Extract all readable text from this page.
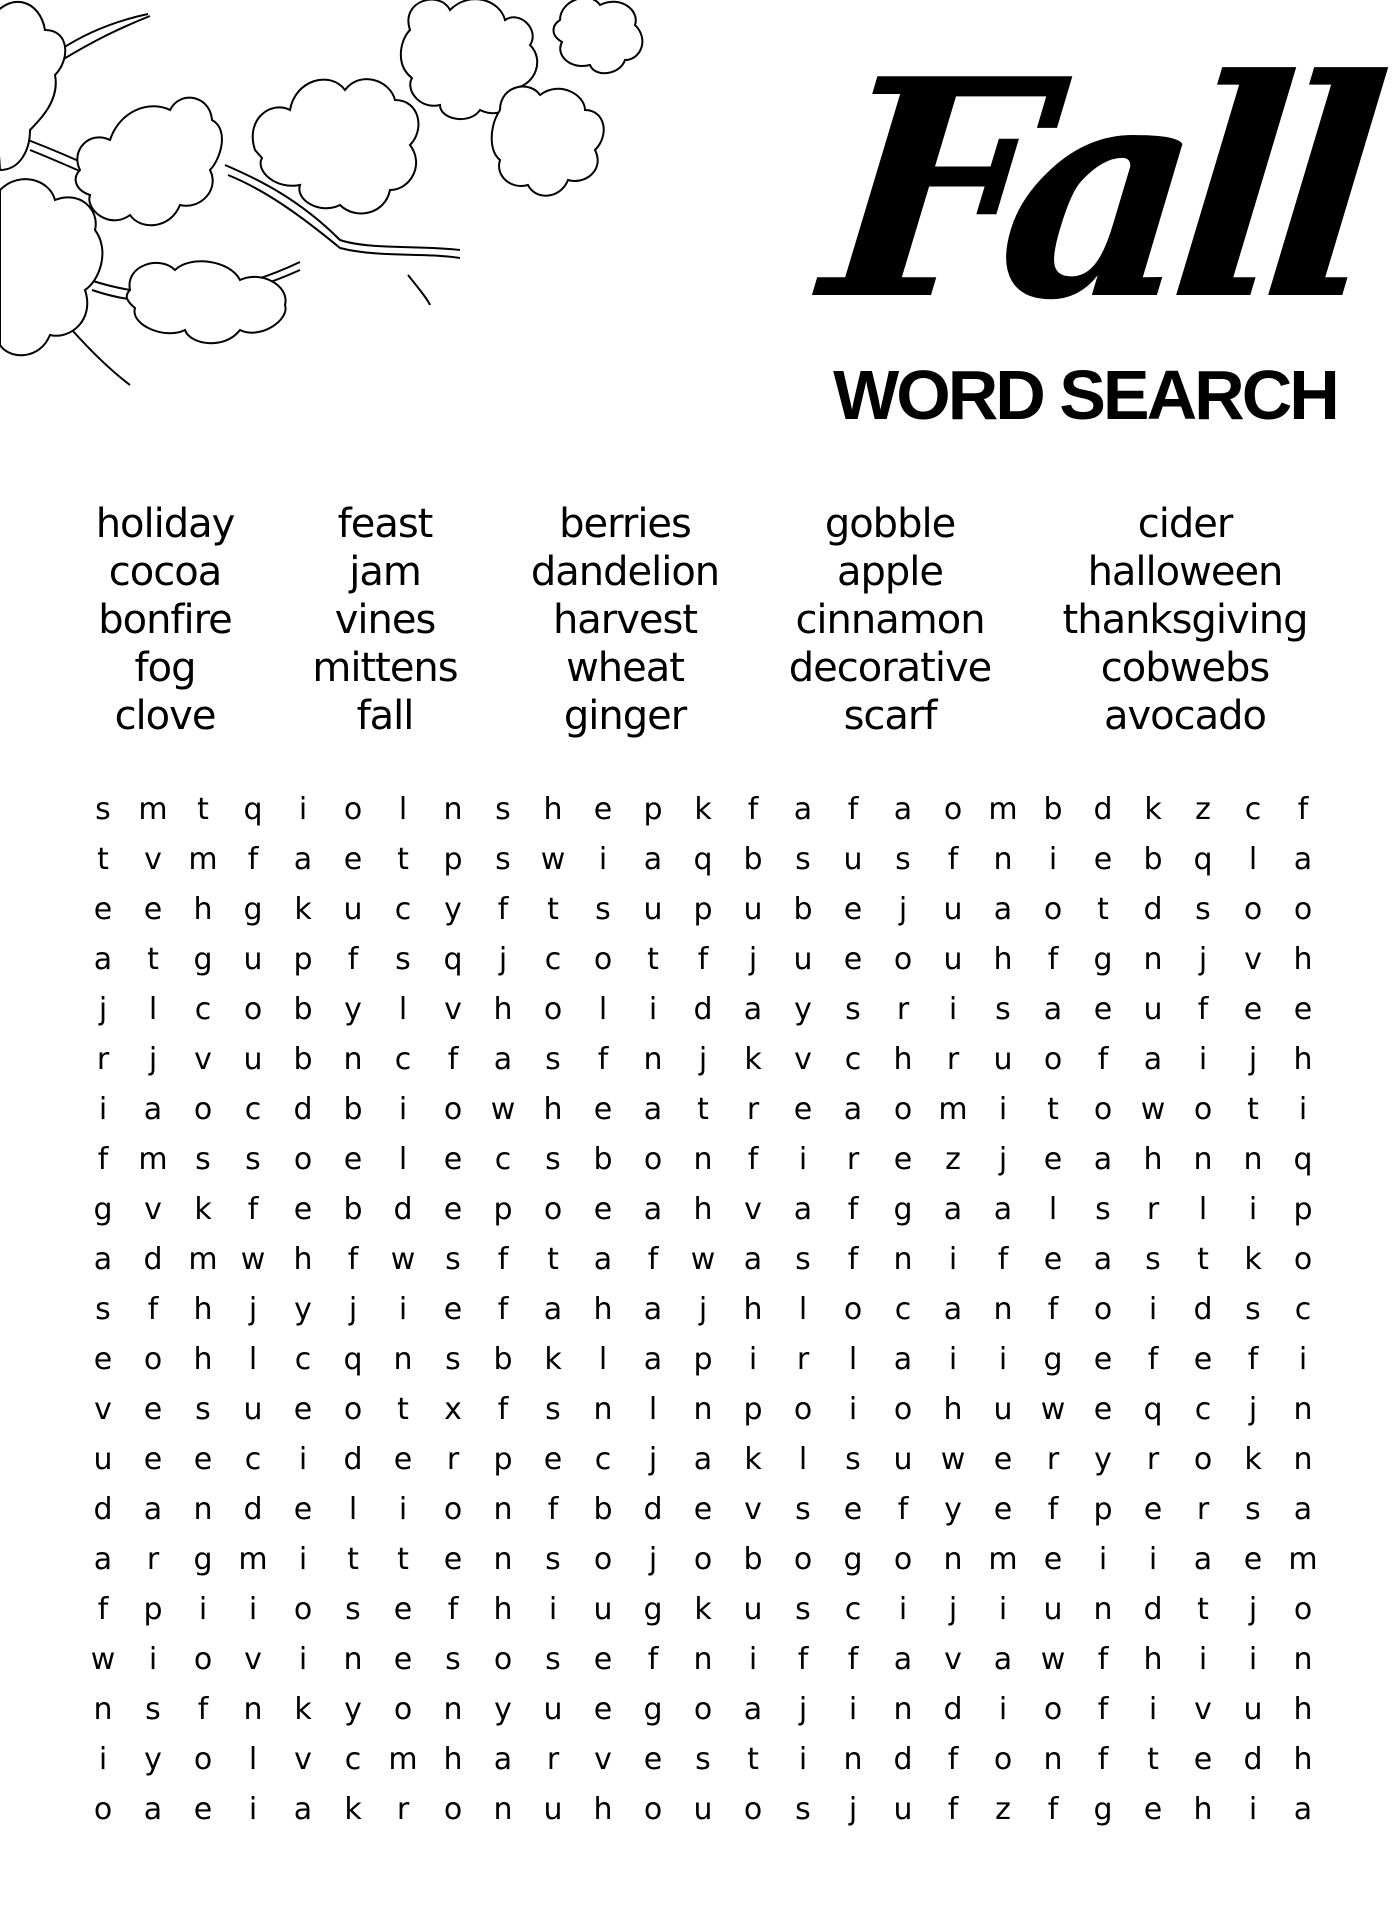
Fall
WORD SEARCH
holiday
cocoa
bonfire
fog
clove
feast
jam
vines
mittens
fall
berries
dandelion
harvest
wheat
ginger
gobble
apple
cinnamon
decorative
scarf
cider
halloween
thanksgiving
cobwebs
avocado
s m t	q	i	o	l	n	s	h	e	p	k	f	a	f	a	o m b	d	k	z	c	f
t	v m	f	a	e	t	p	s w	i	a	q	b	s	u	s	f	n	i	e	b	q	l	a
e	e	h	g	k	u	c	y	f	t	s	u	p	u	b	e	j	u	a	o	t	d	s	o	o
a	t	g	u	p	f	s	q	j	c	o	t	f	j	u	e	o	u	h	f	g	n	j	v	h
j	l	c	o	b	y	l	v	h	o	l	i	d	a	y	s	r	i	s	a	e	u	f	e	e
r	j	v	u	b	n	c	f	a	s	f	n	j	k	v	c	h	r	u	o	f	a	i	j	h
i	a	o	c	d	b	i	o w h	e	a	t	r	e	a	o m	i	t	o w o	t	i
f	m s	s	o	e	l	e	c	s	b	o	n	f	i	r	e	z	j	e	a	h	n	n	q
g	v	k	f	e	b	d	e	p	o	e	a	h	v	a	f	g	a	a	l	s	r	l	i	p
a	d m w h	f	w s	f	t	a	f	w a	s	f	n	i	f	e	a	s	t	k	o
s	f	h	j	y	j	i	e	f	a	h	a	j	h	l	o	c	a	n	f	o	i	d	s	c
e	o	h	l	c	q	n	s	b	k	l	a	p	i	r	l	a	i	i	g	e	f	e	f	i
v	e	s	u	e	o	t	x	f	s	n	l	n	p	o	i	o	h	u w e	q	c	j	n
u	e	e	c	i	d	e	r	p	e	c	j	a	k	l	s	u w e	r	y	r	o	k	n
d	a	n	d	e	l	i	o	n	f	b	d	e	v	s	e	f	y	e	f	p	e	r	s	a
a	r	g m	i	t	t	e	n	s	o	j	o	b	o	g	o	n m e	i	i	a	e m
f	p	i	i	o	s	e	f	h	i	u	g	k	u	s	c	i	j	i	u	n	d	t	j	o
w	i	o	v	i	n	e	s	o	s	e	f	n	i	f	f	a	v	a w	f	h	i	i	n
n	s	f	n	k	y	o	n	y	u	e	g	o	a	j	i	n	d	i	o	f	i	v	u	h
i	y	o	l	v	c m h	a	r	v	e	s	t	i	n	d	f	o	n	f	t	e	d	h
o	a	e	i	a	k	r	o	n	u	h	o	u	o	s	j	u	f	z	f	g	e	h	i	a
